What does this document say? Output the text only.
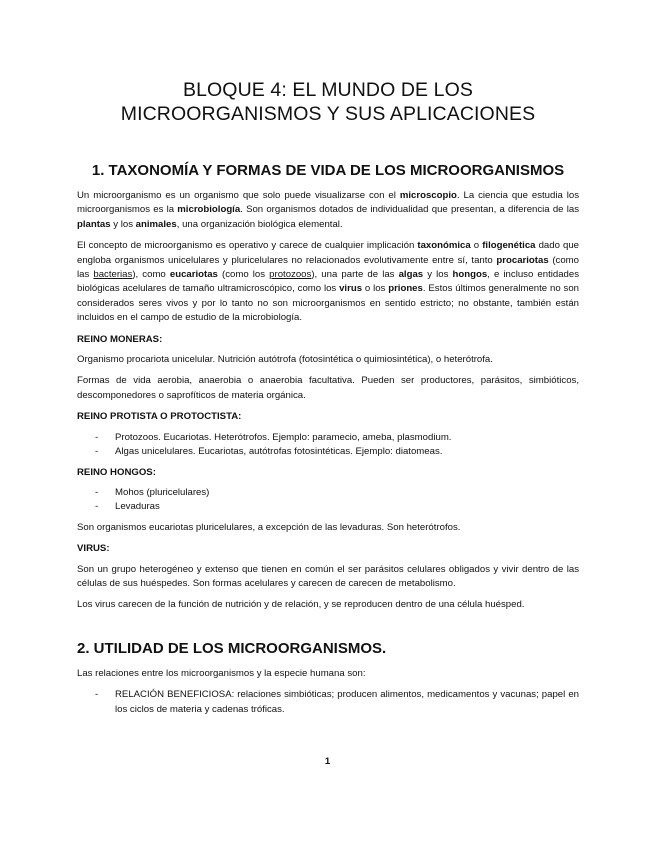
BLOQUE 4: EL MUNDO DE LOS
MICROORGANISMOS Y SUS APLICACIONES
1. TAXONOMÍA Y FORMAS DE VIDA DE LOS MICROORGANISMOS

Un microorganismo es un organismo que solo puede visualizarse con el microscopio. La ciencia que estudia los microorganismos es la microbiología. Son organismos dotados de individualidad que presentan, a diferencia de las plantas y los animales, una organización biológica elemental.

El concepto de microorganismo es operativo y carece de cualquier implicación taxonómica o filogenética dado que engloba organismos unicelulares y pluricelulares no relacionados evolutivamente entre sí, tanto procariotas (como las bacterias), como eucariotas (como los protozoos), una parte de las algas y los hongos, e incluso entidades biológicas acelulares de tamaño ultramicroscópico, como los virus o los priones. Estos últimos generalmente no son considerados seres vivos y por lo tanto no son microorganismos en sentido estricto; no obstante, también están incluidos en el campo de estudio de la microbiología.

REINO MONERAS:

Organismo procariota unicelular. Nutrición autótrofa (fotosintética o quimiosintética), o heterótrofa.

Formas de vida aerobia, anaerobia o anaerobia facultativa. Pueden ser productores, parásitos, simbióticos, descomponedores o saprofíticos de materia orgánica.

REINO PROTISTA O PROTOCTISTA:

- Protozoos. Eucariotas. Heterótrofos. Ejemplo: paramecio, ameba, plasmodium.
- Algas unicelulares. Eucariotas, autótrofas fotosintéticas. Ejemplo: diatomeas.

REINO HONGOS:

- Mohos (pluricelulares)
- Levaduras

Son organismos eucariotas pluricelulares, a excepción de las levaduras. Son heterótrofos.

VIRUS:

Son un grupo heterogéneo y extenso que tienen en común el ser parásitos celulares obligados y vivir dentro de las células de sus huéspedes. Son formas acelulares y carecen de carecen de metabolismo.

Los virus carecen de la función de nutrición y de relación, y se reproducen dentro de una célula huésped.

2. UTILIDAD DE LOS MICROORGANISMOS.

Las relaciones entre los microorganismos y la especie humana son:

- RELACIÓN BENEFICIOSA: relaciones simbióticas; producen alimentos, medicamentos y vacunas; papel en los ciclos de materia y cadenas tróficas.
1
